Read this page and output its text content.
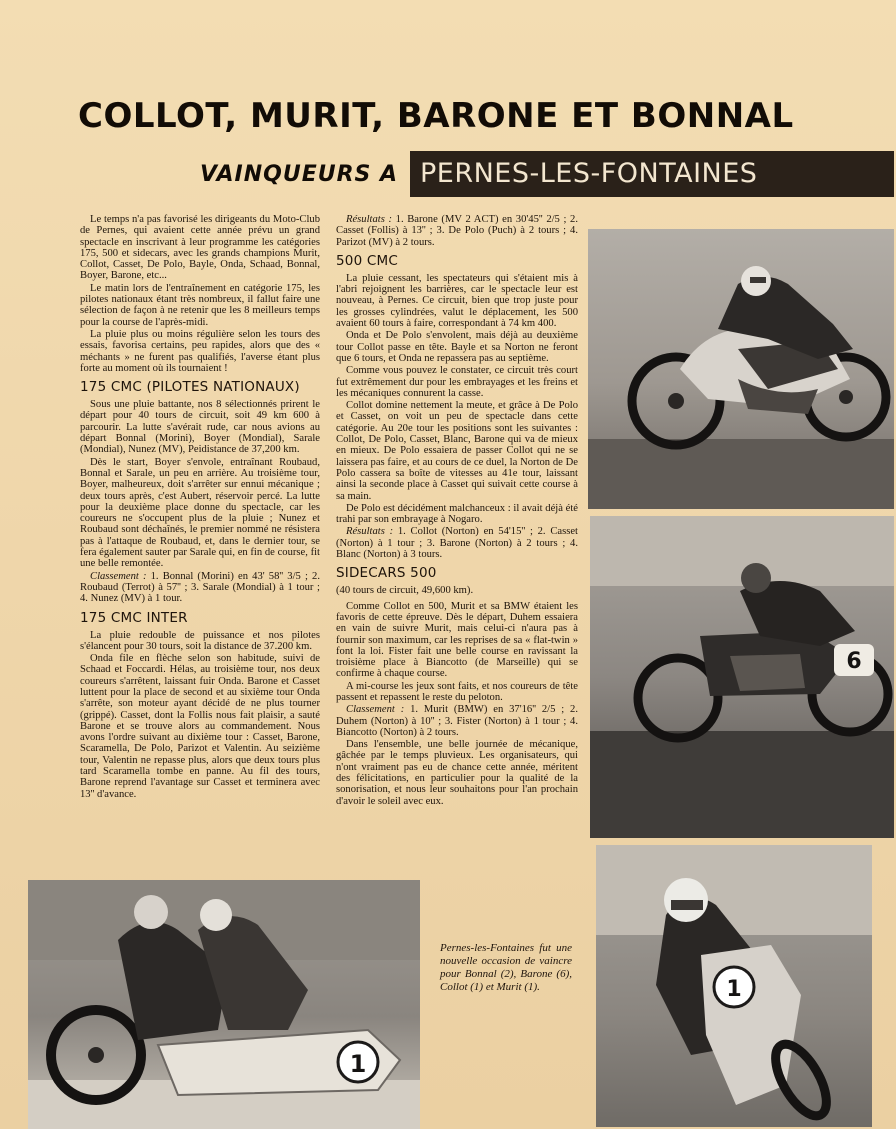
COLLOT, MURIT, BARONE ET BONNAL
VAINQUEURS A PERNES-LES-FONTAINES

Le temps n'a pas favorisé les dirigeants du Moto-Club de Pernes, qui avaient cette année prévu un grand spectacle en inscrivant à leur programme les catégories 175, 500 et sidecars, avec les grands champions Murit, Collot, Casset, De Polo, Bayle, Onda, Schaad, Bonnal, Boyer, Barone, etc...

Le matin lors de l'entraînement en catégorie 175, les pilotes nationaux étant très nombreux, il fallut faire une sélection de façon à ne retenir que les 8 meilleurs temps pour la course de l'après-midi.

La pluie plus ou moins régulière selon les tours des essais, favorisa certains, peu rapides, alors que des « méchants » ne furent pas qualifiés, l'averse étant plus forte au moment où ils tournaient !

175 CMC (PILOTES NATIONAUX)

Sous une pluie battante, nos 8 sélectionnés prirent le départ pour 40 tours de circuit, soit 49 km 600 à parcourir. La lutte s'avérait rude, car nous avions au départ Bonnal (Morini), Boyer (Mondial), Sarale (Mondial), Nunez (MV), Peidistance de 37,200 km.

Dès le start, Boyer s'envole, entraînant Roubaud, Bonnal et Sarale, un peu en arrière. Au troisième tour, Boyer, malheureux, doit s'arrêter sur ennui mécanique ; deux tours après, c'est Aubert, réservoir percé. La lutte pour la deuxième place donne du spectacle, car les coureurs ne s'occupent plus de la pluie ; Nunez et Roubaud sont déchaînés, le premier nommé ne résistera pas à l'attaque de Roubaud, et, dans le dernier tour, se fera également sauter par Sarale qui, en fin de course, fit une belle remontée.

Classement : 1. Bonnal (Morini) en 43' 58'' 3/5 ; 2. Roubaud (Terrot) à 57'' ; 3. Sarale (Mondial) à 1 tour ; 4. Nunez (MV) à 1 tour.

175 CMC INTER

La pluie redouble de puissance et nos pilotes s'élancent pour 30 tours, soit la distance de 37.200 km.

Onda file en flèche selon son habitude, suivi de Schaad et Foccardi. Hélas, au troisième tour, nos deux coureurs s'arrêtent, laissant fuir Onda. Barone et Casset luttent pour la place de second et au sixième tour Onda s'arrête, son moteur ayant décidé de ne plus tourner (grippé). Casset, dont la Follis nous fait plaisir, a sauté Barone et se trouve alors au commandement. Nous avons l'ordre suivant au dixième tour : Casset, Barone, Scaramella, De Polo, Parizot et Valentin. Au seizième tour, Valentin ne repasse plus, alors que deux tours plus tard Scaramella tombe en panne. Au fil des tours, Barone reprend l'avantage sur Casset et terminera avec 13'' d'avance.

Résultats : 1. Barone (MV 2 ACT) en 30'45'' 2/5 ; 2. Casset (Follis) à 13'' ; 3. De Polo (Puch) à 2 tours ; 4. Parizot (MV) à 2 tours.

500 CMC

La pluie cessant, les spectateurs qui s'étaient mis à l'abri rejoignent les barrières, car le spectacle leur est nouveau, à Pernes. Ce circuit, bien que trop juste pour les grosses cylindrées, valut le déplacement, les 500 avaient 60 tours à faire, correspondant à 74 km 400.

Onda et De Polo s'envolent, mais déjà au deuxième tour Collot passe en tête. Bayle et sa Norton ne feront que 6 tours, et Onda ne repassera pas au septième.

Comme vous pouvez le constater, ce circuit très court fut extrêmement dur pour les embrayages et les freins et les mécaniques connurent la casse.

Collot domine nettement la meute, et grâce à De Polo et Casset, on voit un peu de spectacle dans cette catégorie. Au 20e tour les positions sont les suivantes : Collot, De Polo, Casset, Blanc, Barone qui va de mieux en mieux. De Polo essaiera de passer Collot qui ne se laissera pas faire, et au cours de ce duel, la Norton de De Polo cassera sa boîte de vitesses au 41e tour, laissant ainsi la seconde place à Casset qui suivait cette course à sa main.

De Polo est décidément malchanceux : il avait déjà été trahi par son embrayage à Nogaro.

Résultats : 1. Collot (Norton) en 54'15'' ; 2. Casset (Norton) à 1 tour ; 3. Barone (Norton) à 2 tours ; 4. Blanc (Norton) à 3 tours.

SIDECARS 500

(40 tours de circuit, 49,600 km).

Comme Collot en 500, Murit et sa BMW étaient les favoris de cette épreuve. Dès le départ, Duhem essaiera en vain de suivre Murit, mais celui-ci n'aura pas à fournir son maximum, car les reprises de sa « flat-twin » font la loi. Fister fait une belle course en ravissant la troisième place à Biancotto (de Marseille) qui se confirme à chaque course.

A mi-course les jeux sont faits, et nos coureurs de tête passent et repassent le reste du peloton.

Classement : 1. Murit (BMW) en 37'16'' 2/5 ; 2. Duhem (Norton) à 10'' ; 3. Fister (Norton) à 1 tour ; 4. Biancotto (Norton) à 2 tours.

Dans l'ensemble, une belle journée de mécanique, gâchée par le temps pluvieux. Les organisateurs, qui n'ont vraiment pas eu de chance cette année, méritent des félicitations, en particulier pour la qualité de la sonorisation, et nous leur souhaitons pour l'an prochain d'avoir le soleil avec eux.

6
1
1

Pernes-les-Fontaines fut une nouvelle occasion de vaincre pour Bonnal (2), Barone (6), Collot (1) et Murit (1).
